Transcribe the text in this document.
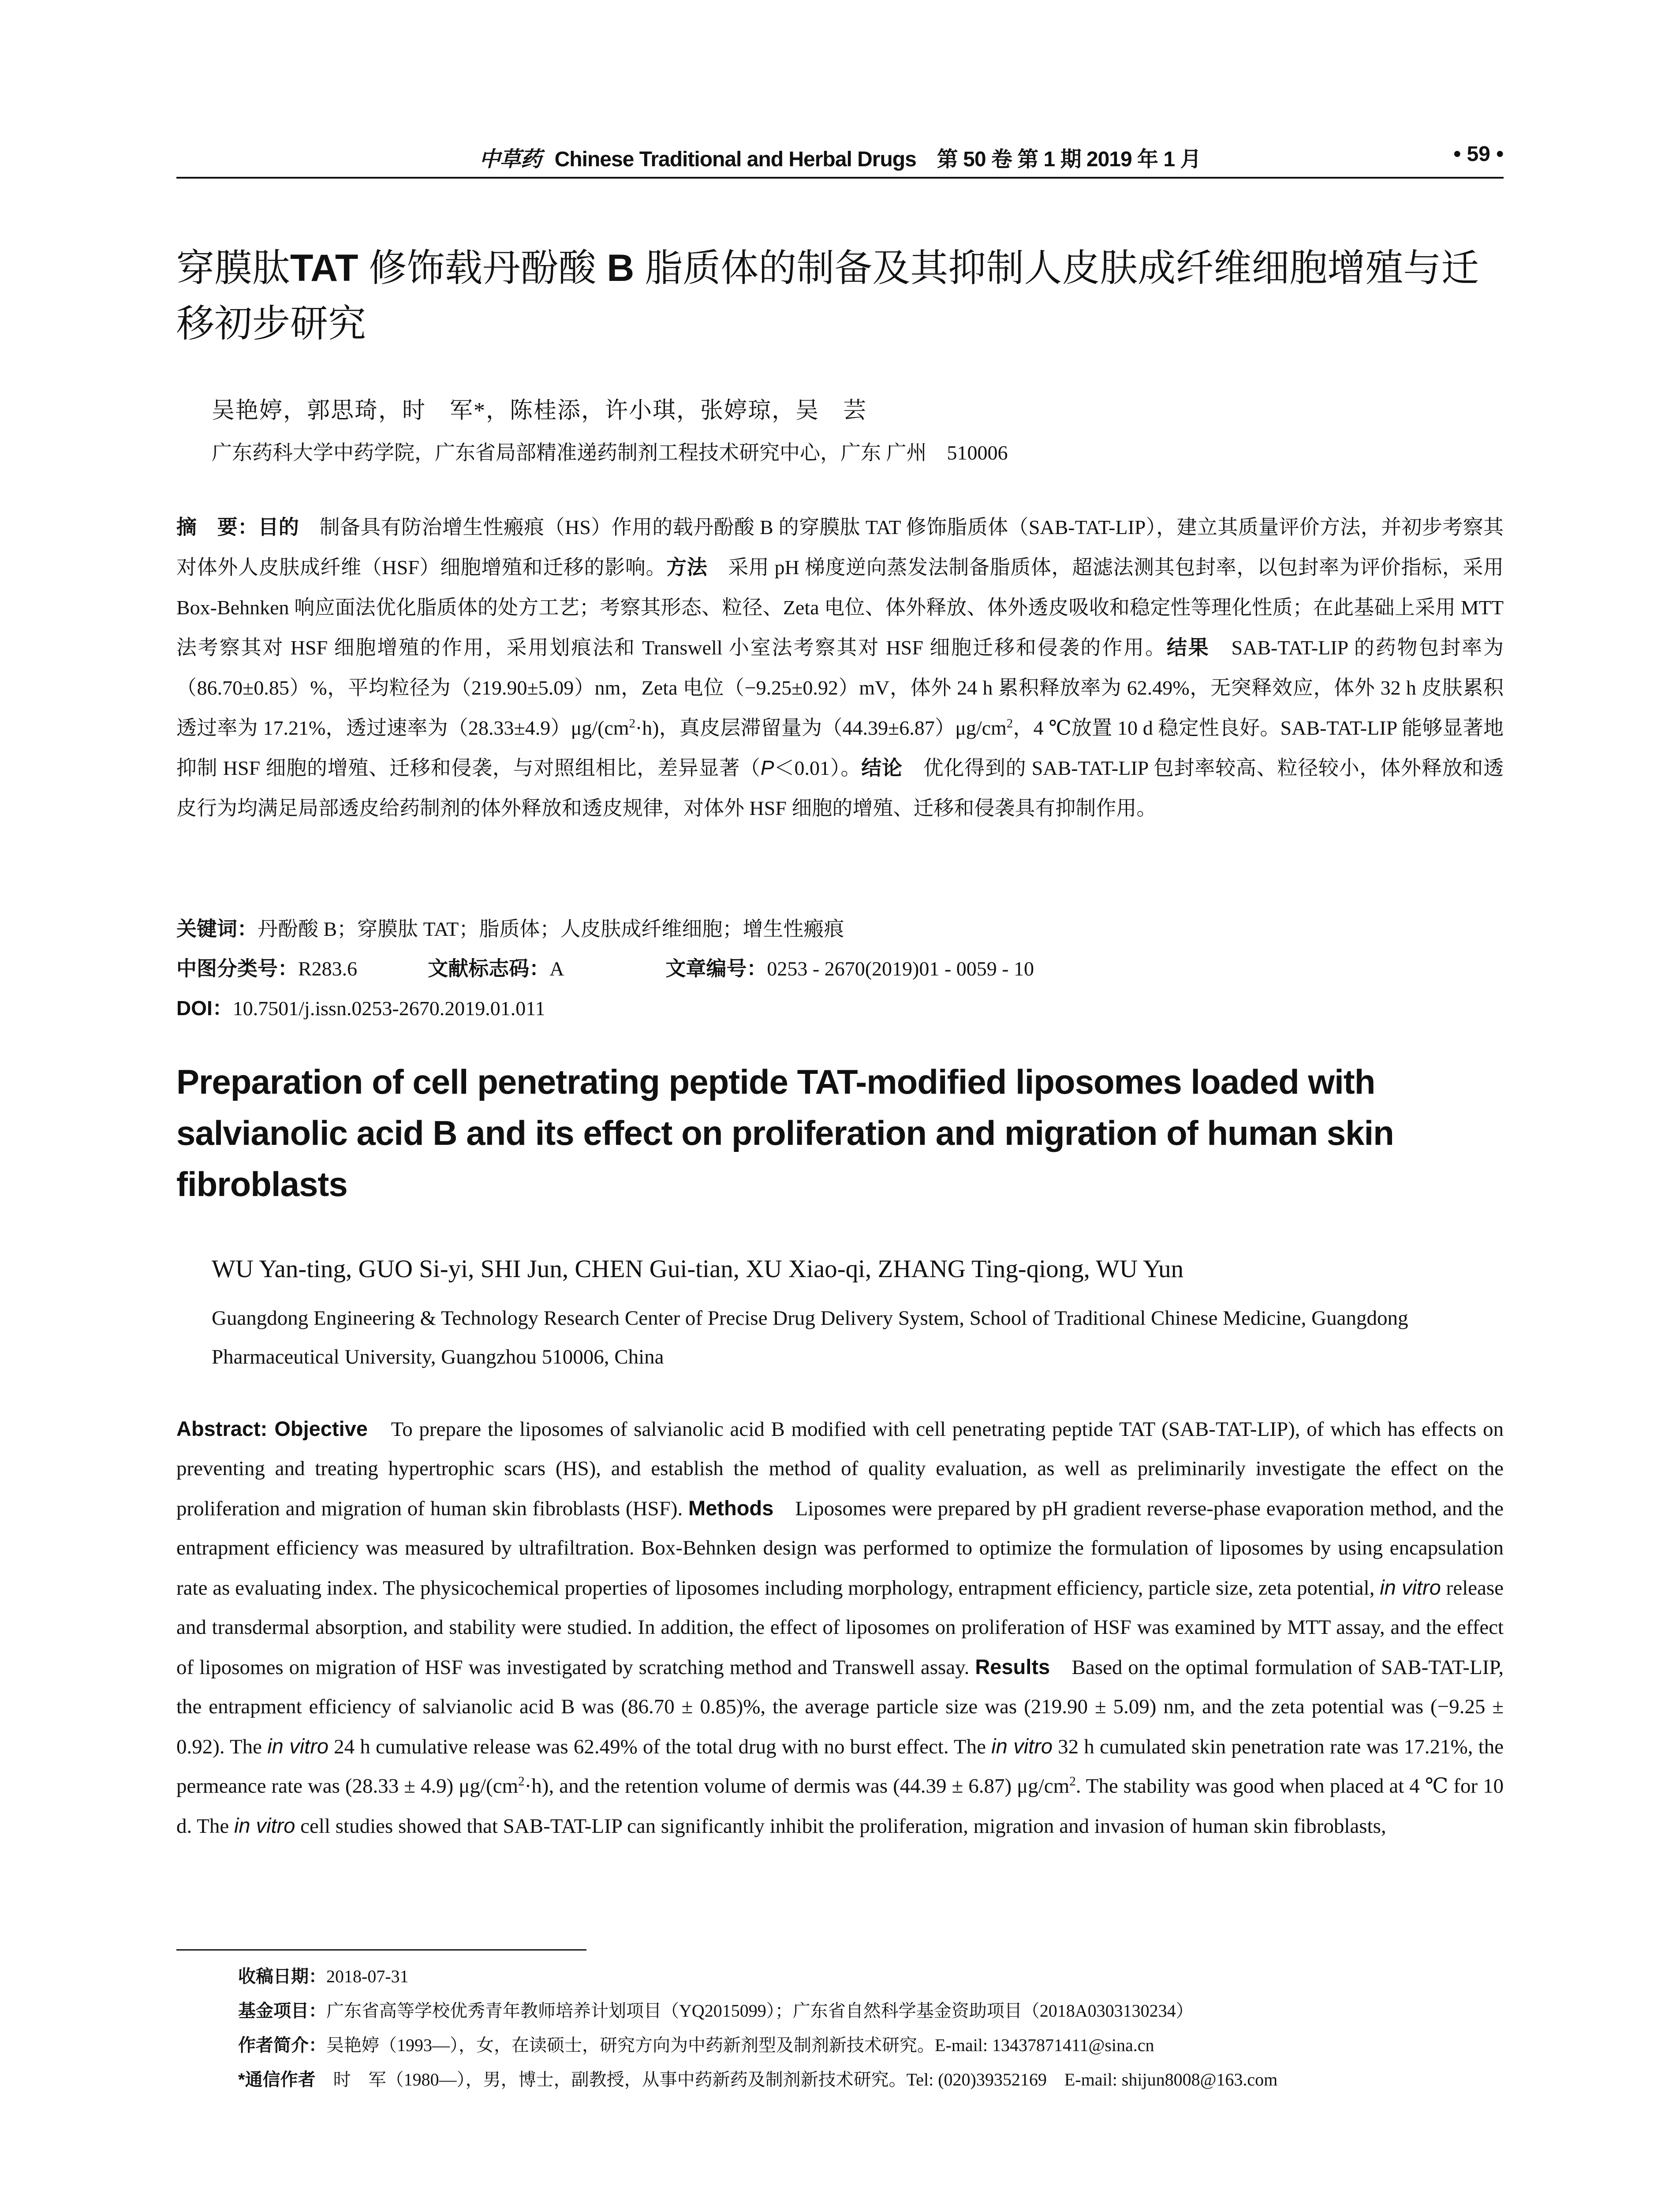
中草药 Chinese Traditional and Herbal Drugs　第 50 卷 第 1 期 2019 年 1 月	• 59 •
穿膜肽TAT 修饰载丹酚酸 B 脂质体的制备及其抑制人皮肤成纤维细胞增殖与迁移初步研究
吴艳婷，郭思琦，时　军*，陈桂添，许小琪，张婷琼，吴　芸
广东药科大学中药学院，广东省局部精准递药制剂工程技术研究中心，广东 广州　510006

摘　要：目的　制备具有防治增生性瘢痕（HS）作用的载丹酚酸 B 的穿膜肽 TAT 修饰脂质体（SAB-TAT-LIP），建立其质量评价方法，并初步考察其对体外人皮肤成纤维（HSF）细胞增殖和迁移的影响。方法　采用 pH 梯度逆向蒸发法制备脂质体，超滤法测其包封率，以包封率为评价指标，采用 Box-Behnken 响应面法优化脂质体的处方工艺；考察其形态、粒径、Zeta 电位、体外释放、体外透皮吸收和稳定性等理化性质；在此基础上采用 MTT 法考察其对 HSF 细胞增殖的作用，采用划痕法和 Transwell 小室法考察其对 HSF 细胞迁移和侵袭的作用。结果　SAB-TAT-LIP 的药物包封率为（86.70±0.85）%，平均粒径为（219.90±5.09）nm，Zeta 电位（−9.25±0.92）mV，体外 24 h 累积释放率为 62.49%，无突释效应，体外 32 h 皮肤累积透过率为 17.21%，透过速率为$(28.33\pm 4.9)\mu g/(cm^2\cdot h)$，真皮层滞留量为$(44.39\pm 6.87)\mu g/cm^2$，4 ℃放置 10 d 稳定性良好。SAB-TAT-LIP 能够显著地抑制 HSF 细胞的增殖、迁移和侵袭，与对照组相比，差异显著（P＜0.01）。结论　优化得到的 SAB-TAT-LIP 包封率较高、粒径较小，体外释放和透皮行为均满足局部透皮给药制剂的体外释放和透皮规律，对体外 HSF 细胞的增殖、迁移和侵袭具有抑制作用。

关键词：丹酚酸 B；穿膜肽 TAT；脂质体；人皮肤成纤维细胞；增生性瘢痕
中图分类号：R283.6	文献标志码：A	文章编号：0253 - 2670(2019)01 - 0059 - 10
DOI：10.7501/j.issn.0253-2670.2019.01.011
Preparation of cell penetrating peptide TAT-modified liposomes loaded with salvianolic acid B and its effect on proliferation and migration of human skin fibroblasts
WU Yan-ting, GUO Si-yi, SHI Jun, CHEN Gui-tian, XU Xiao-qi, ZHANG Ting-qiong, WU Yun
Guangdong Engineering & Technology Research Center of Precise Drug Delivery System, School of Traditional Chinese Medicine, Guangdong Pharmaceutical University, Guangzhou 510006, China

Abstract: Objective　To prepare the liposomes of salvianolic acid B modified with cell penetrating peptide TAT (SAB-TAT-LIP), of which has effects on preventing and treating hypertrophic scars (HS), and establish the method of quality evaluation, as well as preliminarily investigate the effect on the proliferation and migration of human skin fibroblasts (HSF). Methods　Liposomes were prepared by pH gradient reverse-phase evaporation method, and the entrapment efficiency was measured by ultrafiltration. Box-Behnken design was performed to optimize the formulation of liposomes by using encapsulation rate as evaluating index. The physicochemical properties of liposomes including morphology, entrapment efficiency, particle size, zeta potential, in vitro release and transdermal absorption, and stability were studied. In addition, the effect of liposomes on proliferation of HSF was examined by MTT assay, and the effect of liposomes on migration of HSF was investigated by scratching method and Transwell assay. Results　Based on the optimal formulation of SAB-TAT-LIP, the entrapment efficiency of salvianolic acid B was (86.70 ± 0.85)%, the average particle size was (219.90 ± 5.09) nm, and the zeta potential was (−9.25 ± 0.92). The in vitro 24 h cumulative release was 62.49% of the total drug with no burst effect. The in vitro 32 h cumulated skin penetration rate was 17.21%, the permeance rate was (28.33 ± 4.9) $\mu g/(cm^2\cdot h)$, and the retention volume of dermis was (44.39 ± 6.87) $\mu g/cm^2$. The stability was good when placed at 4 ℃ for 10 d. The in vitro cell studies showed that SAB-TAT-LIP can significantly inhibit the proliferation, migration and invasion of human skin fibroblasts,

收稿日期：2018-07-31
基金项目：广东省高等学校优秀青年教师培养计划项目（YQ2015099）；广东省自然科学基金资助项目（2018A0303130234）
作者简介：吴艳婷（1993—），女，在读硕士，研究方向为中药新剂型及制剂新技术研究。E-mail: 13437871411@sina.cn
*通信作者　时　军（1980—），男，博士，副教授，从事中药新药及制剂新技术研究。Tel: (020)39352169　E-mail: shijun8008@163.com
